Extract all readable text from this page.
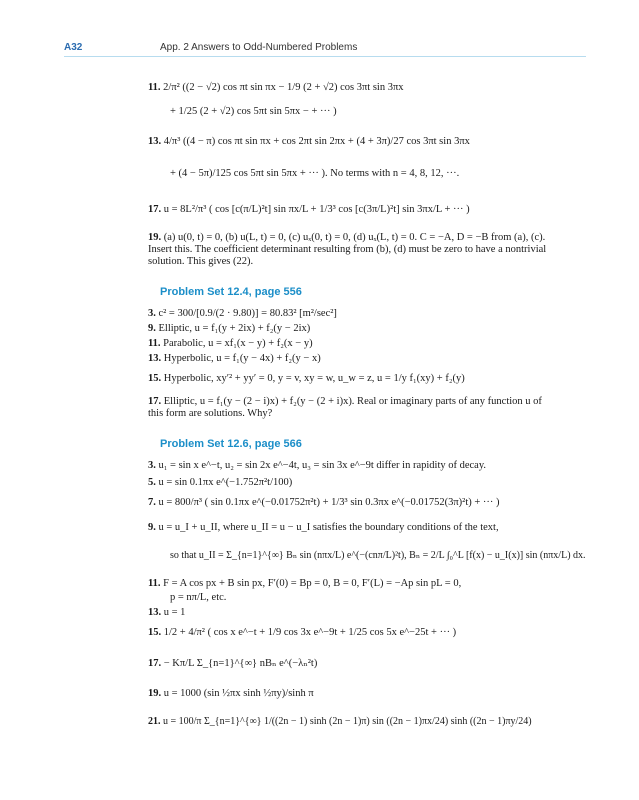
A32	App. 2 Answers to Odd-Numbered Problems
11. 2/π² ((2 − √2) cos πt sin πx − 1/9 (2 + √2) cos 3πt sin 3πx
+ 1/25 (2 + √2) cos 5πt sin 5πx − + ··· )
13. 4/π³ ((4 − π) cos πt sin πx + cos 2πt sin 2πx + (4 + 3π)/27 cos 3πt sin 3πx
+ (4 − 5π)/125 cos 5πt sin 5πx + ··· ). No terms with n = 4, 8, 12, ···.
17. u = 8L²/π³ ( cos [c(π/L)²t] sin πx/L + 1/3³ cos [c(3π/L)²t] sin 3πx/L + ··· )
19. (a) u(0, t) = 0, (b) u(L, t) = 0, (c) uₓ(0, t) = 0, (d) uₓ(L, t) = 0. C = −A, D = −B from (a), (c). Insert this. The coefficient determinant resulting from (b), (d) must be zero to have a nontrivial solution. This gives (22).
Problem Set 12.4, page 556
3. c² = 300/[0.9/(2 · 9.80)] = 80.83² [m²/sec²]
9. Elliptic, u = f₁(y + 2ix) + f₂(y − 2ix)
11. Parabolic, u = xf₁(x − y) + f₂(x − y)
13. Hyperbolic, u = f₁(y − 4x) + f₂(y − x)
15. Hyperbolic, xy′² + yy′ = 0, y = v, xy = w, u_w = z, u = 1/y f₁(xy) + f₂(y)
17. Elliptic, u = f₁(y − (2 − i)x) + f₂(y − (2 + i)x). Real or imaginary parts of any function u of this form are solutions. Why?
Problem Set 12.6, page 566
3. u₁ = sin x e^−t, u₂ = sin 2x e^−4t, u₃ = sin 3x e^−9t differ in rapidity of decay.
5. u = sin 0.1πx e^(−1.752π²t/100)
7. u = 800/π³ ( sin 0.1πx e^(−0.01752π²t) + 1/3³ sin 0.3πx e^(−0.01752(3π)²t) + ··· )
9. u = u_I + u_II, where u_II = u − u_I satisfies the boundary conditions of the text,
so that u_II = Σ_{n=1}^{∞} Bₙ sin (nπx/L) e^(−(cnπ/L)²t), Bₙ = 2/L ∫₀^L [f(x) − u_I(x)] sin (nπx/L) dx.
11. F = A cos px + B sin px, F′(0) = Bp = 0, B = 0, F′(L) = −Ap sin pL = 0,
p = nπ/L, etc.
13. u = 1
15. 1/2 + 4/π² ( cos x e^−t + 1/9 cos 3x e^−9t + 1/25 cos 5x e^−25t + ··· )
17. − Kπ/L Σ_{n=1}^{∞} nBₙ e^(−λₙ²t)
19. u = 1000 (sin ½πx sinh ½πy)/sinh π
21. u = 100/π Σ_{n=1}^{∞} 1/((2n − 1) sinh (2n − 1)π) sin ((2n − 1)πx/24) sinh ((2n − 1)πy/24)
